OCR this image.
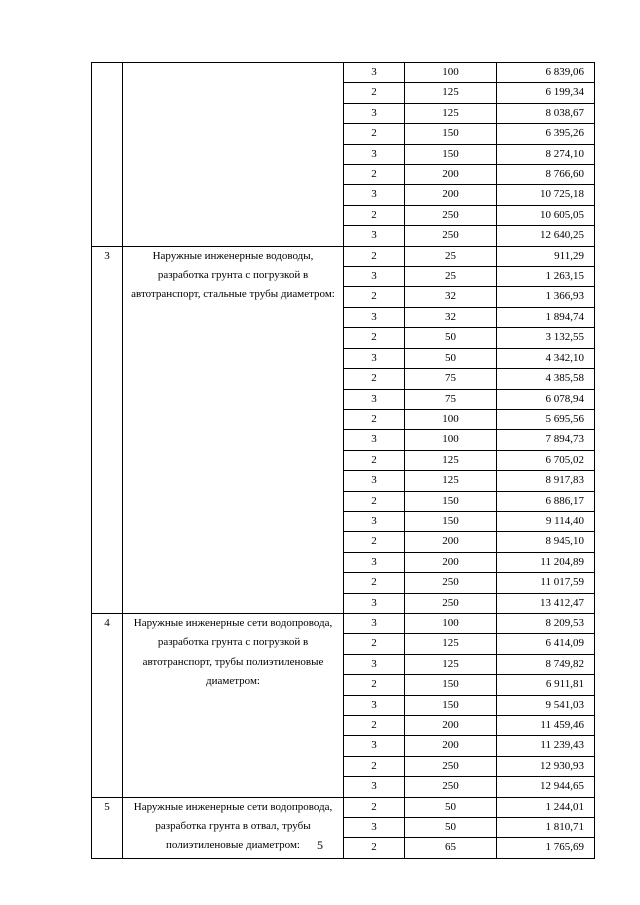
		3	100	6 839,06
		2	125	6 199,34
		3	125	8 038,67
		2	150	6 395,26
		3	150	8 274,10
		2	200	8 766,60
		3	200	10 725,18
		2	250	10 605,05
		3	250	12 640,25
3	Наружные инженерные водоводы, разработка грунта с погрузкой в автотранспорт, стальные трубы диаметром:	2	25	911,29
		3	25	1 263,15
		2	32	1 366,93
		3	32	1 894,74
		2	50	3 132,55
		3	50	4 342,10
		2	75	4 385,58
		3	75	6 078,94
		2	100	5 695,56
		3	100	7 894,73
		2	125	6 705,02
		3	125	8 917,83
		2	150	6 886,17
		3	150	9 114,40
		2	200	8 945,10
		3	200	11 204,89
		2	250	11 017,59
		3	250	13 412,47
4	Наружные инженерные сети водопровода, разработка грунта с погрузкой в автотранспорт, трубы полиэтиленовые диаметром:	3	100	8 209,53
		2	125	6 414,09
		3	125	8 749,82
		2	150	6 911,81
		3	150	9 541,03
		2	200	11 459,46
		3	200	11 239,43
		2	250	12 930,93
		3	250	12 944,65
5	Наружные инженерные сети водопровода, разработка грунта в отвал, трубы полиэтиленовые диаметром:	2	50	1 244,01
		3	50	1 810,71
		2	65	1 765,69
5
